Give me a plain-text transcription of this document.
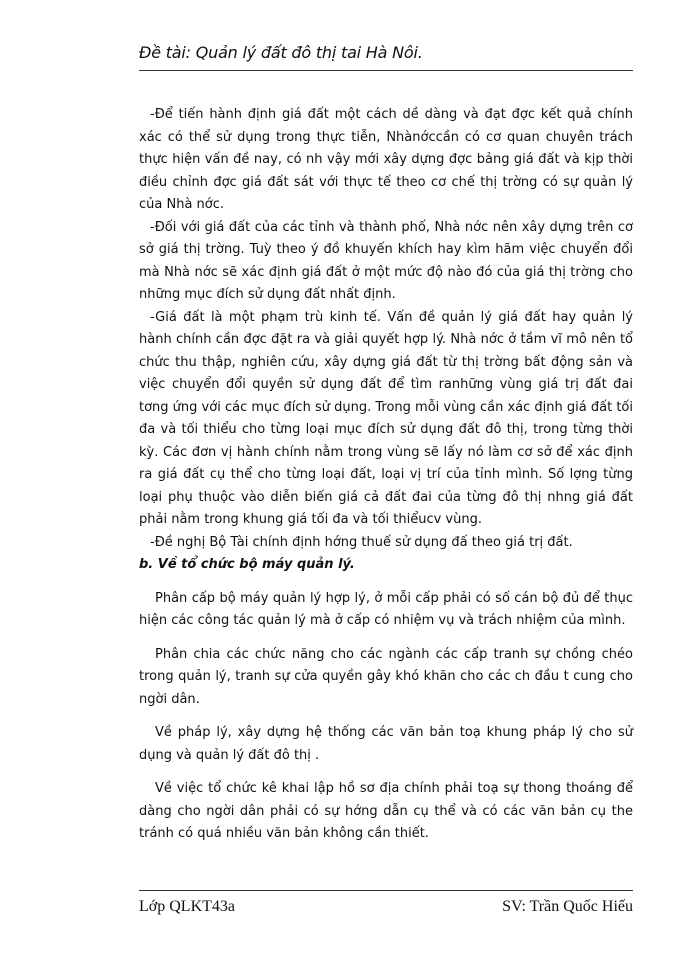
Đề tài: Quản lý đất đô thị tai Hà Nôi.

-Để tiến hành định giá đất một cách dề dàng và đạt đợc kết quả chính xác có thể sử dụng trong thực tiễn, Nhànớccần có cơ quan chuyên trách thực hiện vấn đề nay, có nh vậy mới xây dựng đợc bảng giá đất và kịp thời điều chỉnh đợc giá đất sát với thực tế theo cơ chế thị trờng có sự quản lý của Nhà nớc.

-Đối với giá đất của các tỉnh và thành phố, Nhà nớc nên xây dựng trên cơ sở giá thị trờng. Tuỳ theo ý đồ khuyến khích hay kìm hãm việc chuyển đổi mà Nhà nớc sẽ xác định giá đất ở một mức độ nào đó của giá thị trờng cho những mục đích sử dụng đất nhất định.

-Giá đất là một phạm trù kinh tế. Vấn đề quản lý giá đất hay quản lý hành chính cần đợc đặt ra và giải quyết hợp lý. Nhà nớc ở tầm vĩ mô nên tổ chức thu thập, nghiên cứu, xây dựng giá đất từ thị trờng bất động sản và việc chuyển đổi quyền sử dụng đất để tìm ranhững vùng giá trị đất đai tơng ứng với các mục đích sử dụng. Trong mỗi vùng cần xác định giá đất tối đa và tối thiểu cho từng loại mục đích sử dụng đất đô thị, trong từng thời kỳ. Các đơn vị hành chính nằm trong vùng sẽ lấy nó làm cơ sở để xác định ra giá đất cụ thể cho từng loại đất, loại vị trí của tỉnh mình. Số lợng từng loại phụ thuộc vào diễn biến giá cả đất đai của từng đô thị nhng giá đất phải nằm trong khung giá tối đa và tối thiểucv vùng.

-Đề nghị Bộ Tài chính định hớng thuế sử dụng đấ theo giá trị đất.

b. Về tổ chức bộ máy quản lý.

Phân cấp bộ máy quản lý hợp lý, ở mỗi cấp phải có số cán bộ đủ để thục hiện các công tác quản lý mà ở cấp có nhiệm vụ và trách nhiệm của mình.

Phân chia các chức năng cho các ngành các cấp tranh sự chồng chéo trong quản lý, tranh sự cửa quyền gây khó khăn cho các ch đầu t cung cho ngời dân.

Về pháp lý, xây dựng hệ thống các văn bản toạ khung pháp lý cho sử dụng và quản lý đất đô thị .

Về việc tổ chức kê khai lập hồ sơ địa chính phải toạ sự thong thoáng để dàng cho ngời dân phải có sự hớng dẫn cụ thể và có các văn bản cụ the tránh có quá nhiều văn bản không cần thiết.

Lớp QLKT43a	SV: Trần Quốc Hiếu
